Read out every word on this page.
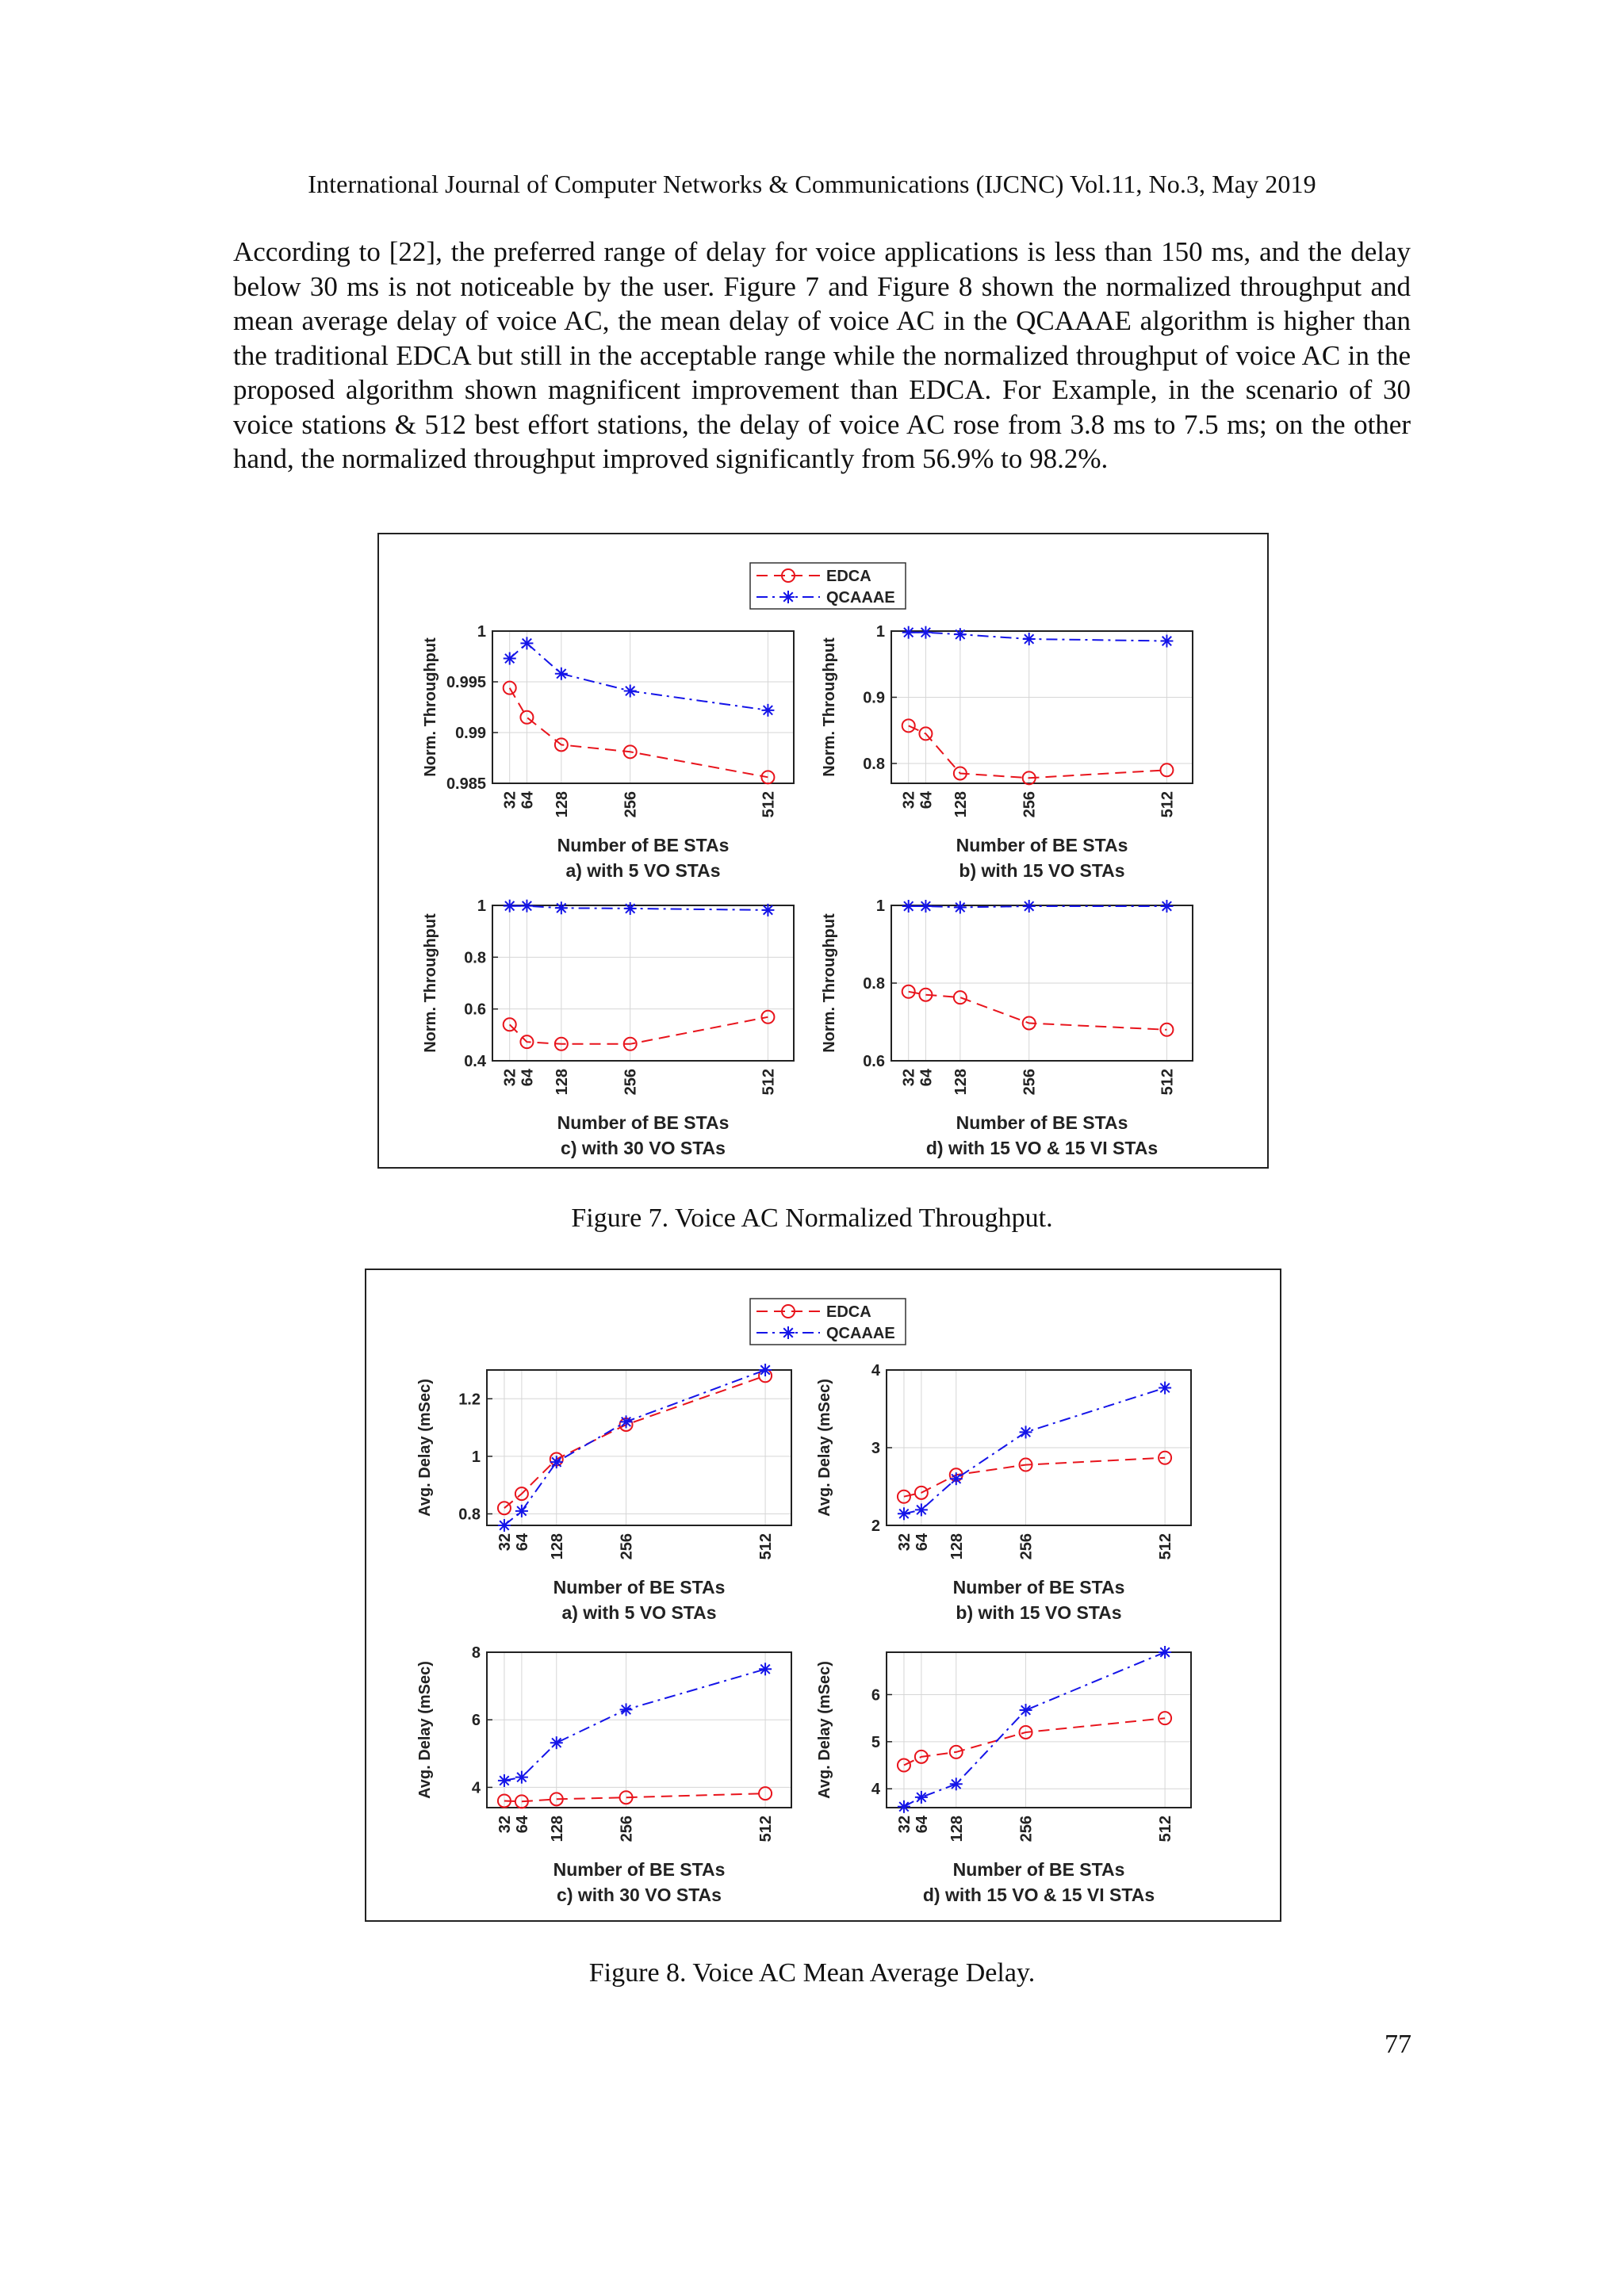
International Journal of Computer Networks & Communications (IJCNC) Vol.11, No.3, May 2019
According to [22], the preferred range of delay for voice applications is less than 150 ms, and the delay below 30 ms is not noticeable by the user. Figure 7 and Figure 8 shown the normalized throughput and mean average delay of voice AC, the mean delay of voice AC in the QCAAAE algorithm is higher than the traditional EDCA but still in the acceptable range while the normalized throughput of voice AC in the proposed algorithm shown magnificent improvement than EDCA. For Example, in the scenario of 30 voice stations & 512 best effort stations, the delay of voice AC rose from 3.8 ms to 7.5 ms; on the other hand, the normalized throughput improved significantly from 56.9% to 98.2%.
32 64 128	256	512
0.985
0.99
0.995
1
Norm. Throughput
Number of BE STAs
a) with 5 VO STAs
32 64 128	256	512
0.8
0.9
1
Norm. Throughput
Number of BE STAs
b) with 15 VO STAs
32 64 128	256	512
0.4
0.6
0.8
1
Norm. Throughput
Number of BE STAs
c) with 30 VO STAs
32 64 128	256	512
0.6
0.8
1
Norm. Throughput
Number of BE STAs
d) with 15 VO & 15 VI STAs
EDCA
QCAAAE
Figure 7. Voice AC Normalized Throughput.
32 64 128	256	512
0.8
1
1.2
Avg. Delay (mSec)
Number of BE STAs
a) with 5 VO STAs
32 64 128	256	512
2
3
4
Avg. Delay (mSec)
Number of BE STAs
b) with 15 VO STAs
32 64 128	256	512
4
6
8
Avg. Delay (mSec)
Number of BE STAs
c) with 30 VO STAs
32 64 128	256	512
4
5
6
Avg. Delay (mSec)
Number of BE STAs
d) with 15 VO & 15 VI STAs
EDCA
QCAAAE
Figure 8. Voice AC Mean Average Delay.
77
